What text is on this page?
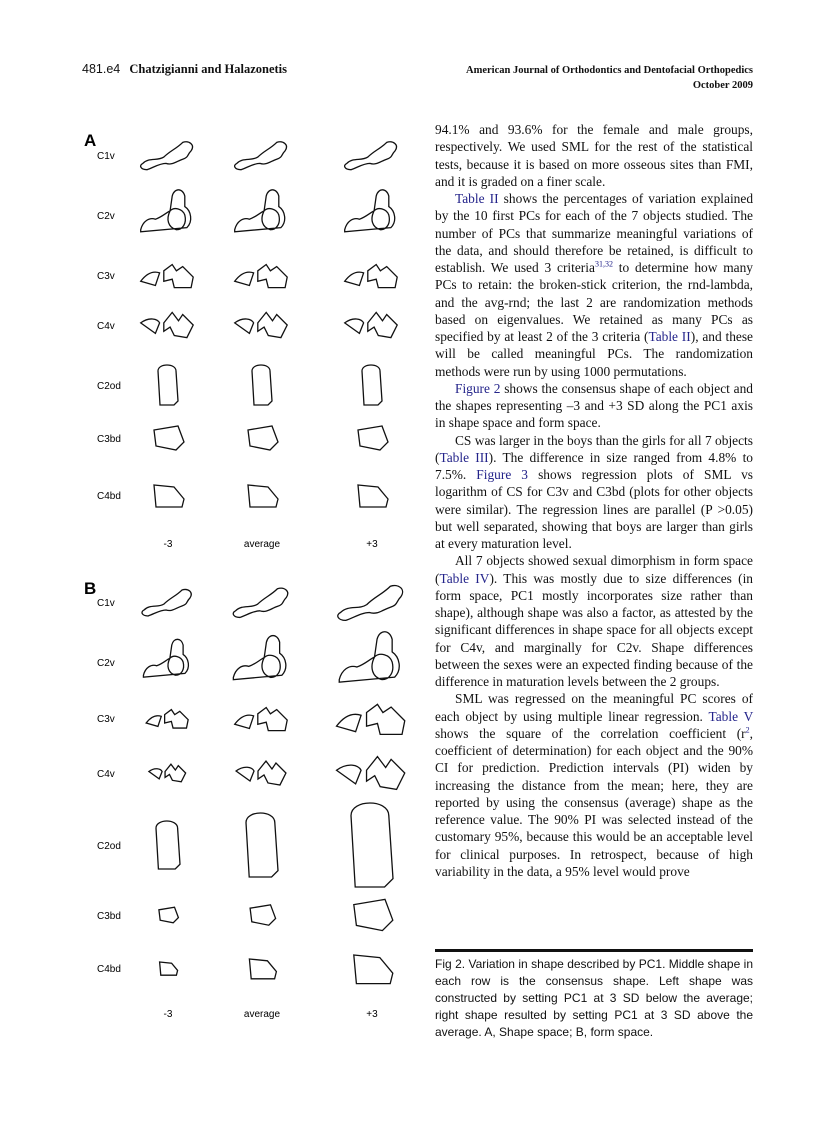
481.e4 Chatzigianni and Halazonetis	American Journal of Orthodontics and Dentofacial Orthopedics
October 2009
A
C1v
C2v
C3v
C4v
C2od
C3bd
C4bd
-3	average	+3
B
C1v
C2v
C3v
C4v
C2od
C3bd
C4bd
-3	average	+3

94.1% and 93.6% for the female and male groups, respectively. We used SML for the rest of the statistical tests, because it is based on more osseous sites than FMI, and it is graded on a finer scale.

Table II shows the percentages of variation explained by the 10 first PCs for each of the 7 objects studied. The number of PCs that summarize meaningful variations of the data, and should therefore be retained, is difficult to establish. We used 3 criteria$^{31,32}$ to determine how many PCs to retain: the broken-stick criterion, the rnd-lambda, and the avg-rnd; the last 2 are randomization methods based on eigenvalues. We retained as many PCs as specified by at least 2 of the 3 criteria (Table II), and these will be called meaningful PCs. The randomization methods were run by using 1000 permutations.

Figure 2 shows the consensus shape of each object and the shapes representing –3 and +3 SD along the PC1 axis in shape space and form space.

CS was larger in the boys than the girls for all 7 objects (Table III). The difference in size ranged from 4.8% to 7.5%. Figure 3 shows regression plots of SML vs logarithm of CS for C3v and C3bd (plots for other objects were similar). The regression lines are parallel (P >0.05) but well separated, showing that boys are larger than girls at every maturation level.

All 7 objects showed sexual dimorphism in form space (Table IV). This was mostly due to size differences (in form space, PC1 mostly incorporates size rather than shape), although shape was also a factor, as attested by the significant differences in shape space for all objects except for C4v, and marginally for C2v. Shape differences between the sexes were an expected finding because of the difference in maturation levels between the 2 groups.

SML was regressed on the meaningful PC scores of each object by using multiple linear regression. Table V shows the square of the correlation coefficient ($r^2$, coefficient of determination) for each object and the 90% CI for prediction. Prediction intervals (PI) widen by increasing the distance from the mean; here, they are reported by using the consensus (average) shape as the reference value. The 90% PI was selected instead of the customary 95%, because this would be an acceptable level for clinical purposes. In retrospect, because of high variability in the data, a 95% level would prove

Fig 2. Variation in shape described by PC1. Middle shape in each row is the consensus shape. Left shape was constructed by setting PC1 at 3 SD below the average; right shape resulted by setting PC1 at 3 SD above the average. A, Shape space; B, form space.
